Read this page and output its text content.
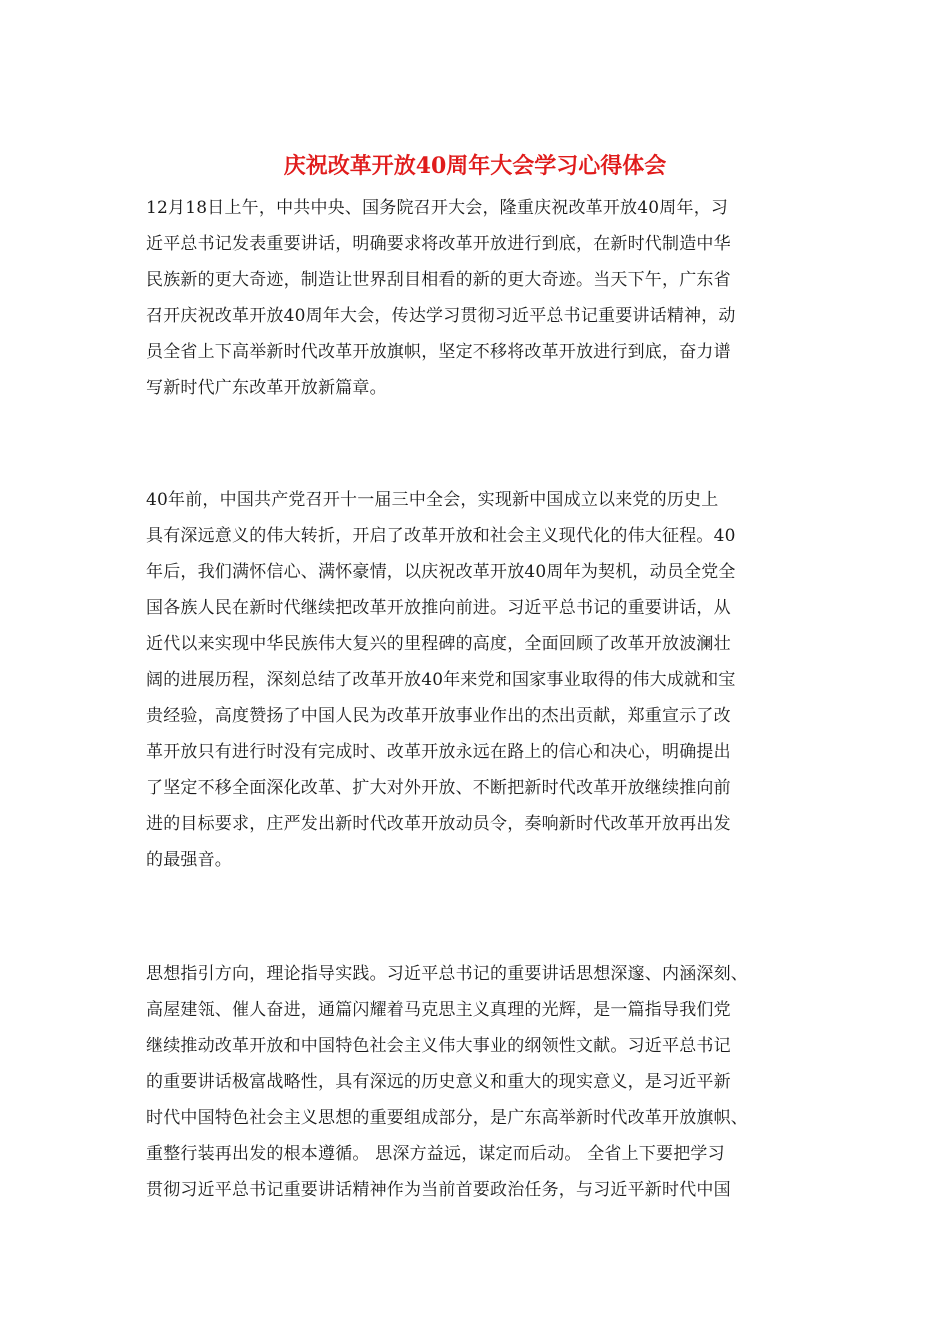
庆祝改革开放40周年大会学习心得体会
12月18日上午，中共中央、国务院召开大会，隆重庆祝改革开放40周年，习
近平总书记发表重要讲话，明确要求将改革开放进行到底，在新时代制造中华
民族新的更大奇迹，制造让世界刮目相看的新的更大奇迹。当天下午，广东省
召开庆祝改革开放40周年大会，传达学习贯彻习近平总书记重要讲话精神，动
员全省上下高举新时代改革开放旗帜，坚定不移将改革开放进行到底，奋力谱
写新时代广东改革开放新篇章。
40年前，中国共产党召开十一届三中全会，实现新中国成立以来党的历史上
具有深远意义的伟大转折，开启了改革开放和社会主义现代化的伟大征程。40
年后，我们满怀信心、满怀豪情，以庆祝改革开放40周年为契机，动员全党全
国各族人民在新时代继续把改革开放推向前进。习近平总书记的重要讲话，从
近代以来实现中华民族伟大复兴的里程碑的高度，全面回顾了改革开放波澜壮
阔的进展历程，深刻总结了改革开放40年来党和国家事业取得的伟大成就和宝
贵经验，高度赞扬了中国人民为改革开放事业作出的杰出贡献，郑重宣示了改
革开放只有进行时没有完成时、改革开放永远在路上的信心和决心，明确提出
了坚定不移全面深化改革、扩大对外开放、不断把新时代改革开放继续推向前
进的目标要求，庄严发出新时代改革开放动员令，奏响新时代改革开放再出发
的最强音。
思想指引方向，理论指导实践。习近平总书记的重要讲话思想深邃、内涵深刻、
高屋建瓴、催人奋进，通篇闪耀着马克思主义真理的光辉，是一篇指导我们党
继续推动改革开放和中国特色社会主义伟大事业的纲领性文献。习近平总书记
的重要讲话极富战略性，具有深远的历史意义和重大的现实意义，是习近平新
时代中国特色社会主义思想的重要组成部分，是广东高举新时代改革开放旗帜、
重整行装再出发的根本遵循。 思深方益远，谋定而后动。 全省上下要把学习
贯彻习近平总书记重要讲话精神作为当前首要政治任务，与习近平新时代中国
